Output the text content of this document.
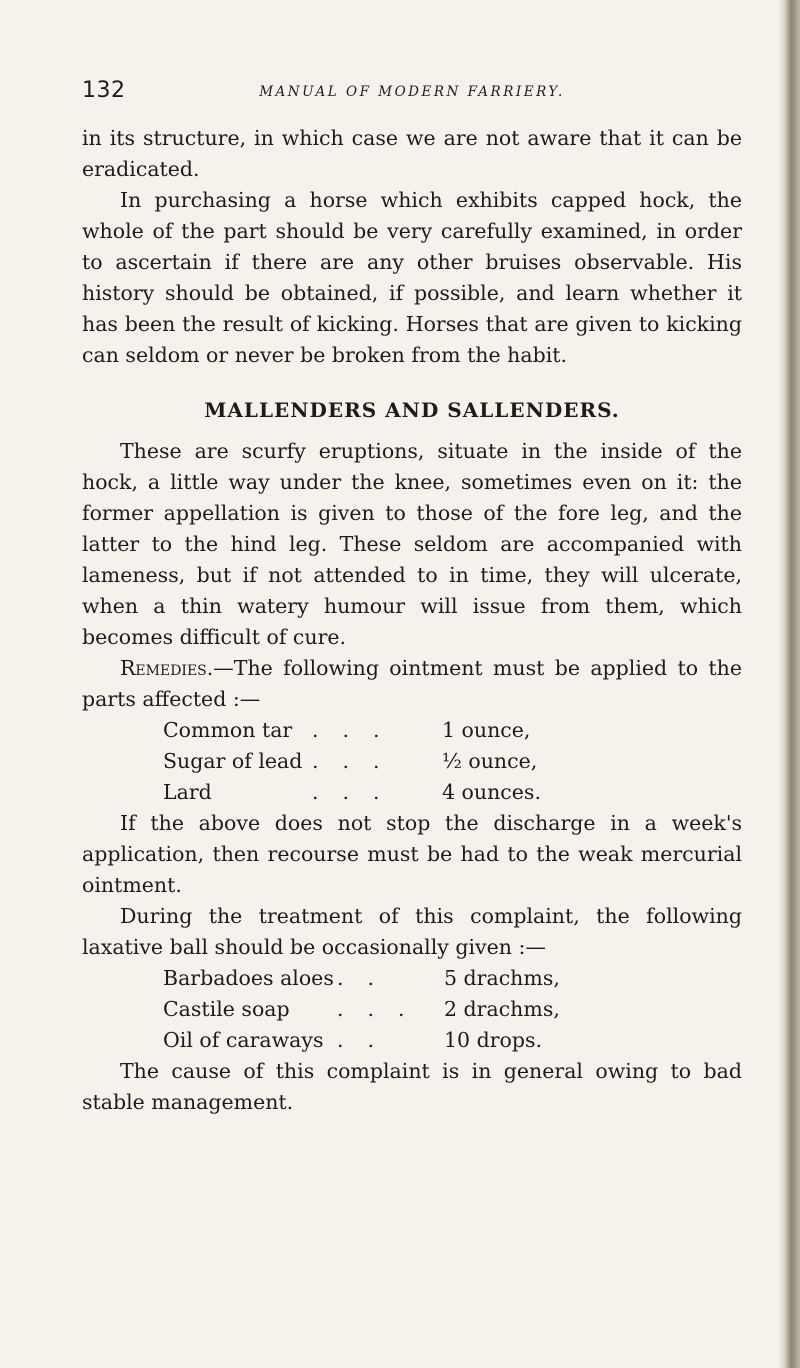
132	MANUAL OF MODERN FARRIERY.

in its structure, in which case we are not aware that it can be eradicated.

In purchasing a horse which exhibits capped hock, the whole of the part should be very carefully examined, in order to ascertain if there are any other bruises observable. His history should be obtained, if possible, and learn whether it has been the result of kicking. Horses that are given to kicking can seldom or never be broken from the habit.

MALLENDERS AND SALLENDERS.

These are scurfy eruptions, situate in the inside of the hock, a little way under the knee, sometimes even on it: the former appellation is given to those of the fore leg, and the latter to the hind leg. These seldom are accompanied with lameness, but if not attended to in time, they will ulcerate, when a thin watery humour will issue from them, which becomes difficult of cure.

Remedies.—The following ointment must be applied to the parts affected :—

Common tar ... 1 ounce,
Sugar of lead ... ½ ounce,
Lard	... 4 ounces.

If the above does not stop the discharge in a week's application, then recourse must be had to the weak mercurial ointment.

During the treatment of this complaint, the following laxative ball should be occasionally given :—

Barbadoes aloes .. 5 drachms,
Castile soap ... 2 drachms,
Oil of caraways .. 10 drops.

The cause of this complaint is in general owing to bad stable management.
